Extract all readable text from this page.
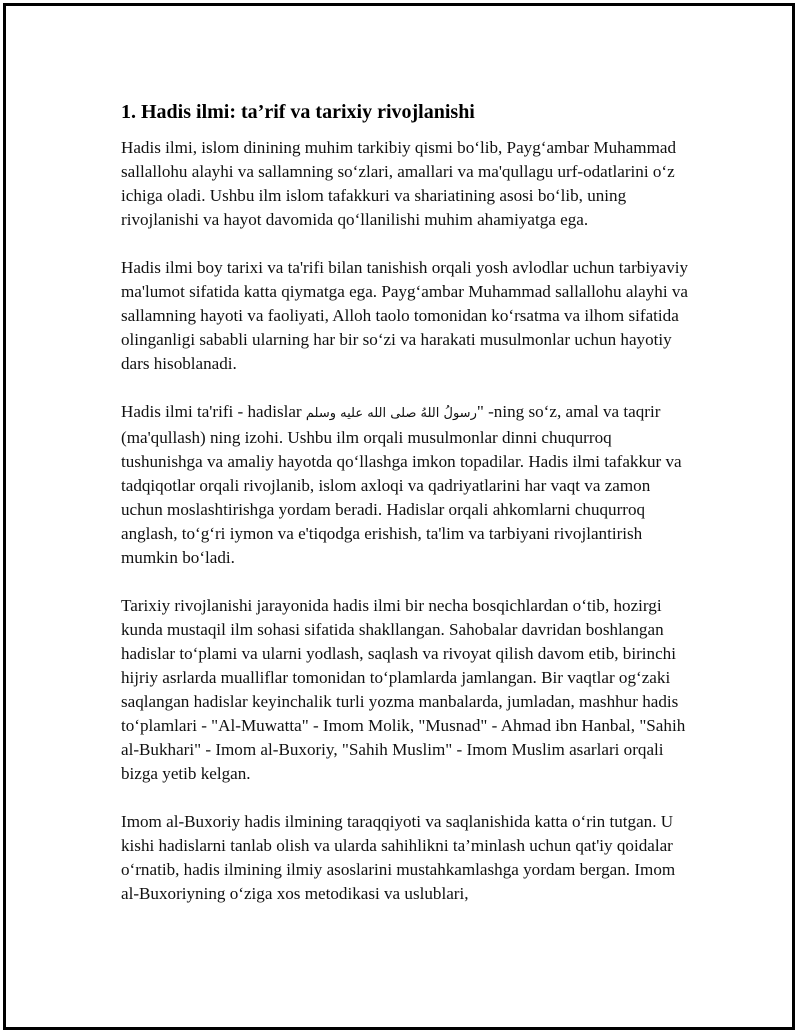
1. Hadis ilmi: ta’rif va tarixiy rivojlanishi

Hadis ilmi, islom dinining muhim tarkibiy qismi bo‘lib, Payg‘ambar Muhammad sallallohu alayhi va sallamning so‘zlari, amallari va ma'qullagu urf-odatlarini o‘z ichiga oladi. Ushbu ilm islom tafakkuri va shariatining asosi bo‘lib, uning rivojlanishi va hayot davomida qo‘llanilishi muhim ahamiyatga ega.

Hadis ilmi boy tarixi va ta'rifi bilan tanishish orqali yosh avlodlar uchun tarbiyaviy ma'lumot sifatida katta qiymatga ega. Payg‘ambar Muhammad sallallohu alayhi va sallamning hayoti va faoliyati, Alloh taolo tomonidan ko‘rsatma va ilhom sifatida olinganligi sababli ularning har bir so‘zi va harakati musulmonlar uchun hayotiy dars hisoblanadi.

Hadis ilmi ta'rifi - hadislar رسولُ اللهُ صلى الله عليه وسلم" -ning so‘z, amal va taqrir (ma'qullash) ning izohi. Ushbu ilm orqali musulmonlar dinni chuqurroq tushunishga va amaliy hayotda qo‘llashga imkon topadilar. Hadis ilmi tafakkur va tadqiqotlar orqali rivojlanib, islom axloqi va qadriyatlarini har vaqt va zamon uchun moslashtirishga yordam beradi. Hadislar orqali ahkomlarni chuqurroq anglash, to‘g‘ri iymon va e'tiqodga erishish, ta'lim va tarbiyani rivojlantirish mumkin bo‘ladi.

Tarixiy rivojlanishi jarayonida hadis ilmi bir necha bosqichlardan o‘tib, hozirgi kunda mustaqil ilm sohasi sifatida shakllangan. Sahobalar davridan boshlangan hadislar to‘plami va ularni yodlash, saqlash va rivoyat qilish davom etib, birinchi hijriy asrlarda mualliflar tomonidan to‘plamlarda jamlangan. Bir vaqtlar og‘zaki saqlangan hadislar keyinchalik turli yozma manbalarda, jumladan, mashhur hadis to‘plamlari - "Al-Muwatta" - Imom Molik, "Musnad" - Ahmad ibn Hanbal, "Sahih al-Bukhari" - Imom al-Buxoriy, "Sahih Muslim" - Imom Muslim asarlari orqali bizga yetib kelgan.

Imom al-Buxoriy hadis ilmining taraqqiyoti va saqlanishida katta o‘rin tutgan. U kishi hadislarni tanlab olish va ularda sahihlikni ta’minlash uchun qat'iy qoidalar o‘rnatib, hadis ilmining ilmiy asoslarini mustahkamlashga yordam bergan. Imom al-Buxoriyning o‘ziga xos metodikasi va uslublari,
